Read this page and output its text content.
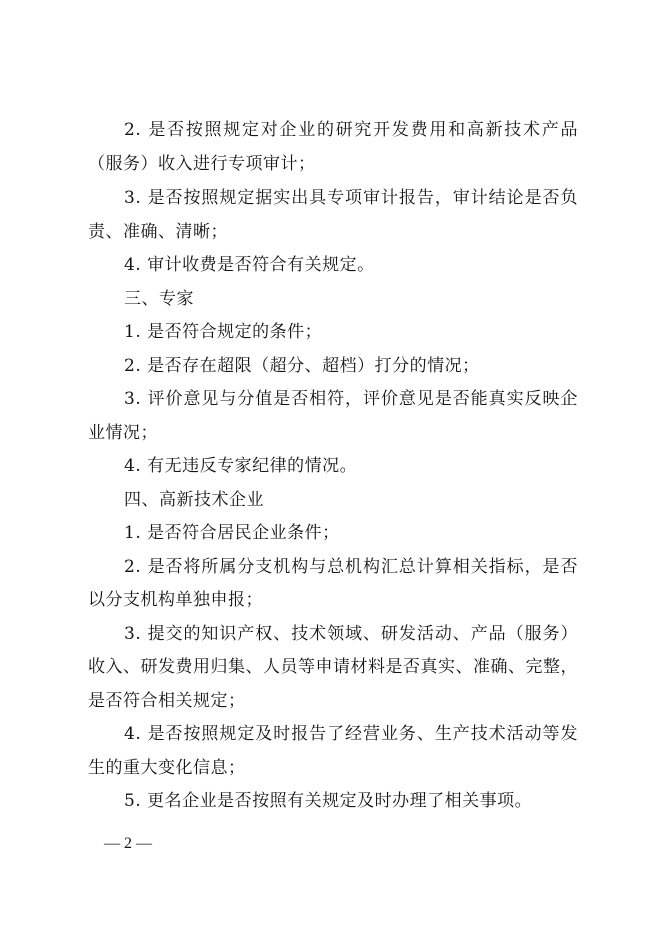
2. 是否按照规定对企业的研究开发费用和高新技术产品
（服务）收入进行专项审计；
3. 是否按照规定据实出具专项审计报告，审计结论是否负
责、准确、清晰；
4. 审计收费是否符合有关规定。
三、专家
1. 是否符合规定的条件；
2. 是否存在超限（超分、超档）打分的情况；
3. 评价意见与分值是否相符，评价意见是否能真实反映企
业情况；
4. 有无违反专家纪律的情况。
四、高新技术企业
1. 是否符合居民企业条件；
2. 是否将所属分支机构与总机构汇总计算相关指标，是否
以分支机构单独申报；
3. 提交的知识产权、技术领域、研发活动、产品（服务）
收入、研发费用归集、人员等申请材料是否真实、准确、完整，
是否符合相关规定；
4. 是否按照规定及时报告了经营业务、生产技术活动等发
生的重大变化信息；
5. 更名企业是否按照有关规定及时办理了相关事项。
— 2 —
